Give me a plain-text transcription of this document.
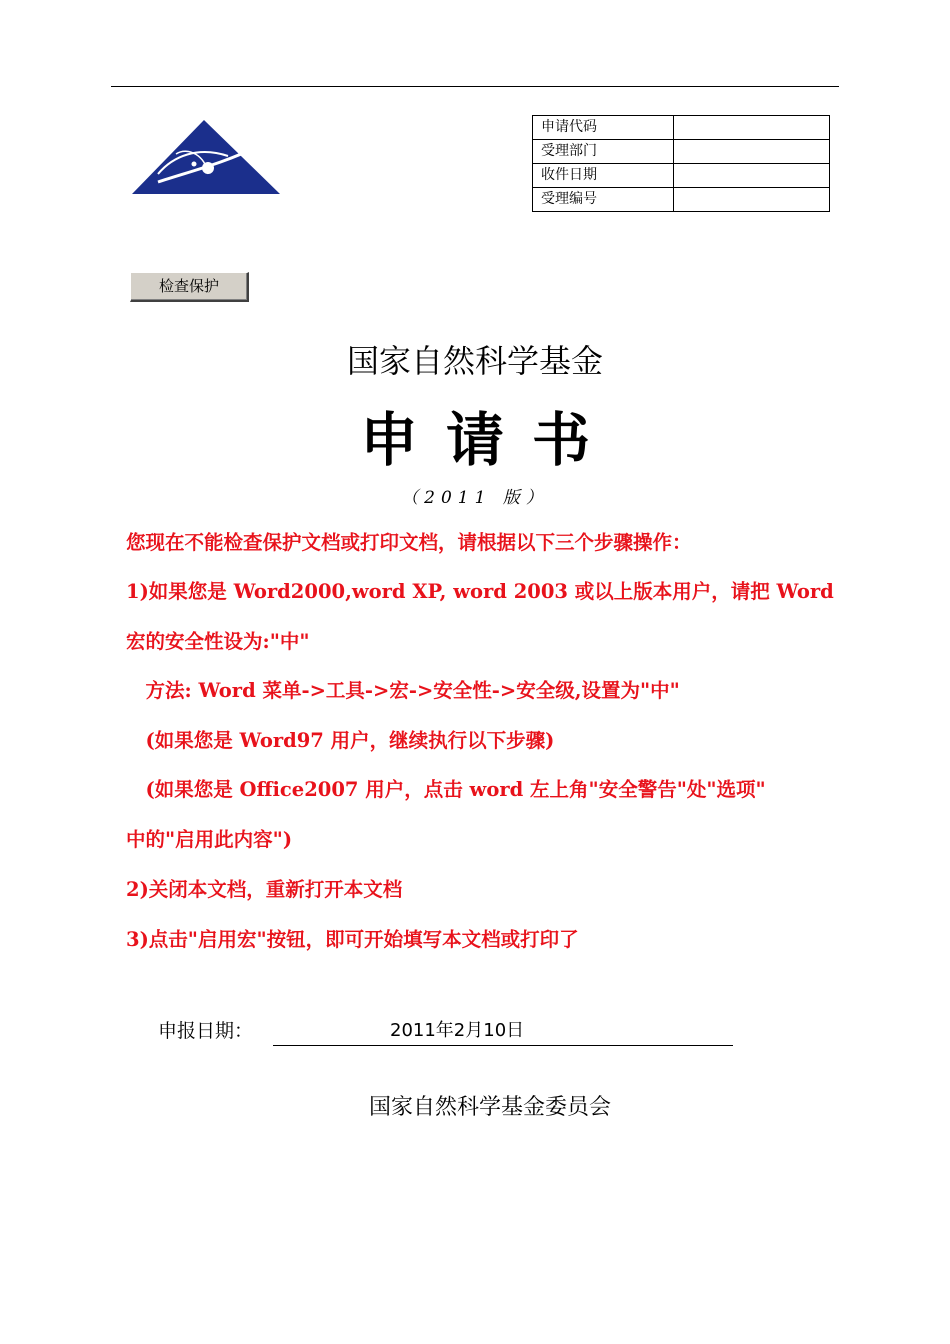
申请代码	
受理部门	
收件日期	
受理编号	
检查保护
国家自然科学基金
申请书
（2011 版）
您现在不能检查保护文档或打印文档，请根据以下三个步骤操作：
1)如果您是 Word2000,word XP, word 2003 或以上版本用户，请把 Word
宏的安全性设为:"中"
　方法: Word 菜单->工具->宏->安全性->安全级,设置为"中"
　(如果您是 Word97 用户，继续执行以下步骤)
　(如果您是 Office2007 用户，点击 word 左上角"安全警告"处"选项"
中的"启用此内容")
2)关闭本文档，重新打开本文档
3)点击"启用宏"按钮，即可开始填写本文档或打印了
申报日期：	2011年2月10日
国家自然科学基金委员会
